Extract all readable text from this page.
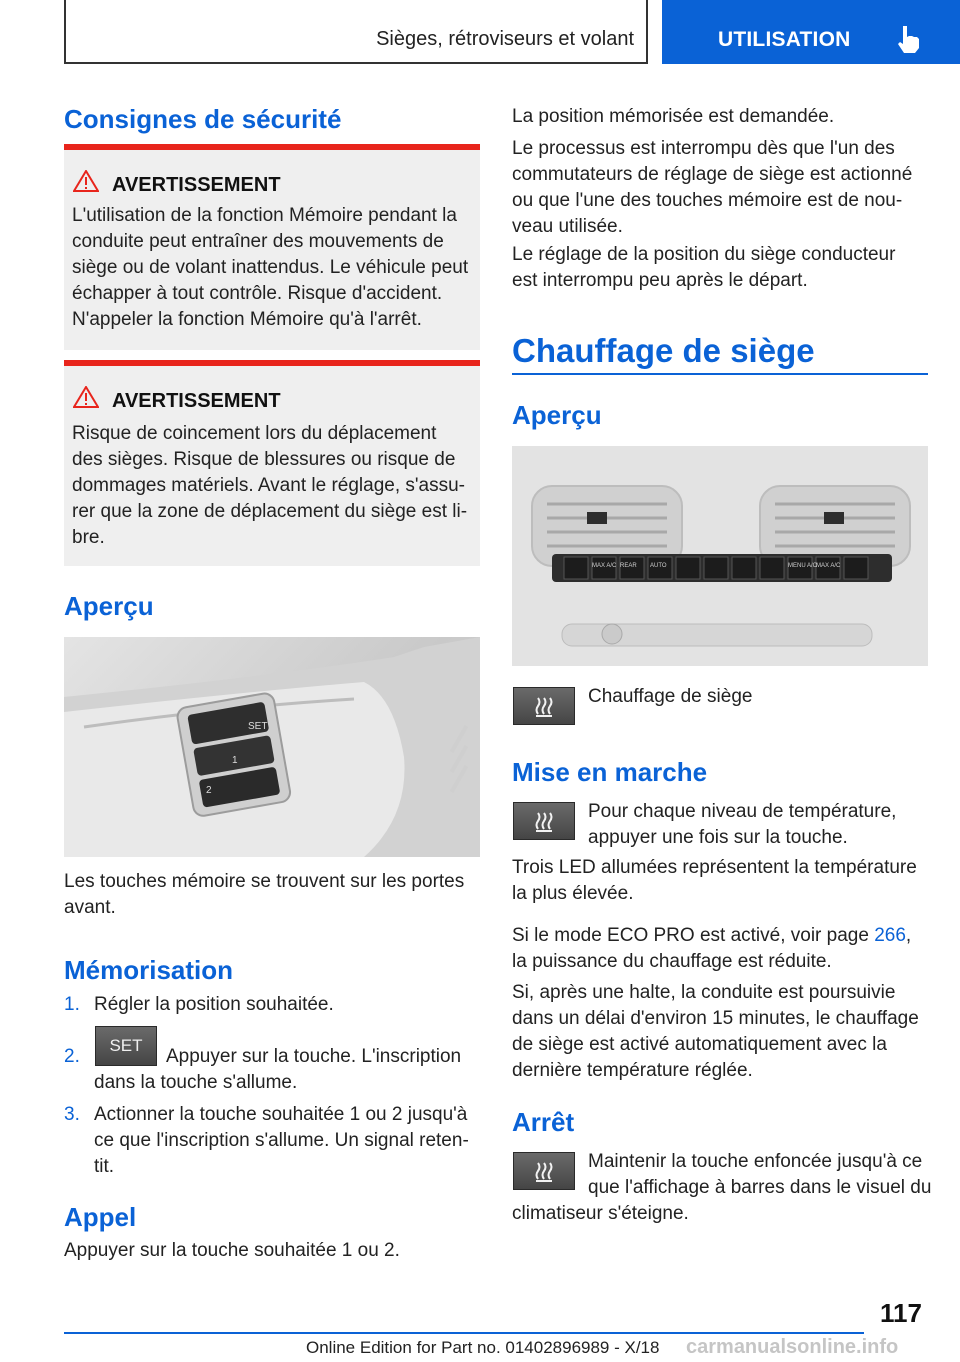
Sièges, rétroviseurs et volant	UTILISATION
Consignes de sécurité
AVERTISSEMENT
L'utilisation de la fonction Mémoire pendant la
conduite peut entraîner des mouvements de
siège ou de volant inattendus. Le véhicule peut
échapper à tout contrôle. Risque d'accident.
N'appeler la fonction Mémoire qu'à l'arrêt.
AVERTISSEMENT
Risque de coincement lors du déplacement
des sièges. Risque de blessures ou risque de
dommages matériels. Avant le réglage, s'assu-
rer que la zone de déplacement du siège est li-
bre.
Aperçu
SET
1
2
Les touches mémoire se trouvent sur les portes
avant.
Mémorisation
1. Régler la position souhaitée.
2.
SET
Appuyer sur la touche. L'inscription
dans la touche s'allume.
3. Actionner la touche souhaitée 1 ou 2 jusqu'à
ce que l'inscription s'allume. Un signal reten-
tit.
Appel
Appuyer sur la touche souhaitée 1 ou 2.
La position mémorisée est demandée.
Le processus est interrompu dès que l'un des
commutateurs de réglage de siège est actionné
ou que l'une des touches mémoire est de nou-
veau utilisée.
Le réglage de la position du siège conducteur
est interrompu peu après le départ.
Chauffage de siège
Aperçu
MAX A/C REAR AUTO	MENU A/C
MAX A/C
Chauffage de siège
Mise en marche
Pour chaque niveau de température,
appuyer une fois sur la touche.
Trois LED allumées représentent la température
la plus élevée.
Si le mode ECO PRO est activé, voir page 266,
la puissance du chauffage est réduite.
Si, après une halte, la conduite est poursuivie
dans un délai d'environ 15 minutes, le chauffage
de siège est activé automatiquement avec la
dernière température réglée.
Arrêt
Maintenir la touche enfoncée jusqu'à ce
que l'affichage à barres dans le visuel du
climatiseur s'éteigne.
117
Online Edition for Part no. 01402896989 - X/18 carmanualsonline.info
